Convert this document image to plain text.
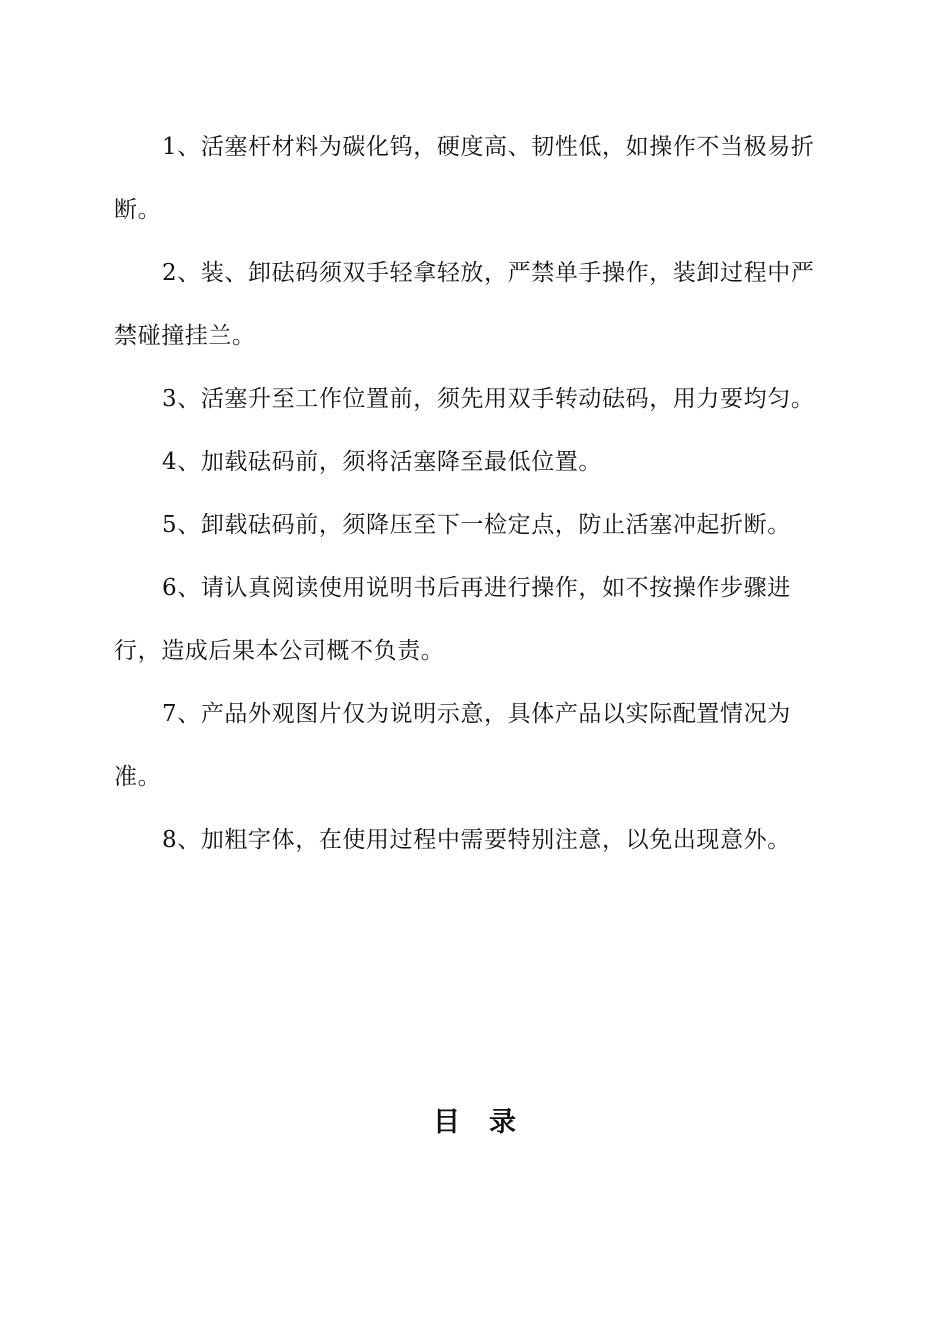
1、活塞杆材料为碳化钨，硬度高、韧性低，如操作不当极易折断。
2、装、卸砝码须双手轻拿轻放，严禁单手操作，装卸过程中严禁碰撞挂兰。
3、活塞升至工作位置前，须先用双手转动砝码，用力要均匀。
4、加载砝码前，须将活塞降至最低位置。
5、卸载砝码前，须降压至下一检定点，防止活塞冲起折断。
6、请认真阅读使用说明书后再进行操作，如不按操作步骤进行，造成后果本公司概不负责。
7、产品外观图片仅为说明示意，具体产品以实际配置情况为准。
8、加粗字体，在使用过程中需要特别注意，以免出现意外。
目　录
